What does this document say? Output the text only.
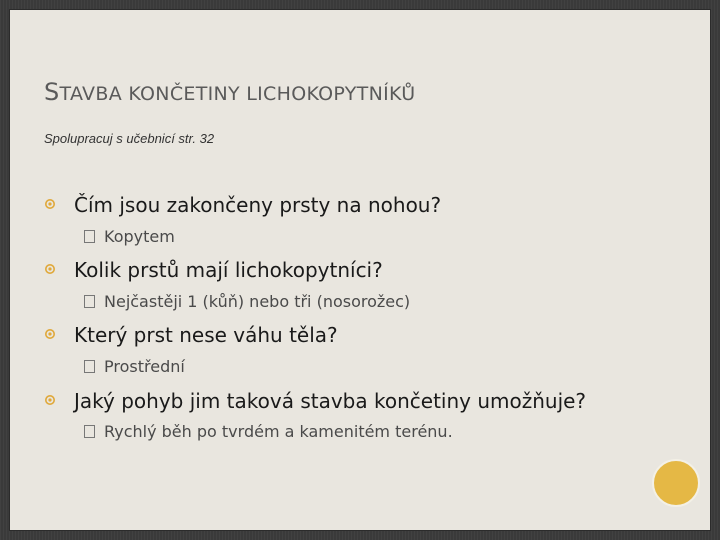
STAVBA KONČETINY LICHOKOPYTNÍKŮ
Spolupracuj s učebnicí str. 32
Čím jsou zakončeny prsty na nohou?
Kopytem
Kolik prstů mají lichokopytníci?
Nejčastěji 1 (kůň) nebo tři (nosorožec)
Který prst nese váhu těla?
Prostřední
Jaký pohyb jim taková stavba končetiny umožňuje?
Rychlý běh po tvrdém a kamenitém terénu.
